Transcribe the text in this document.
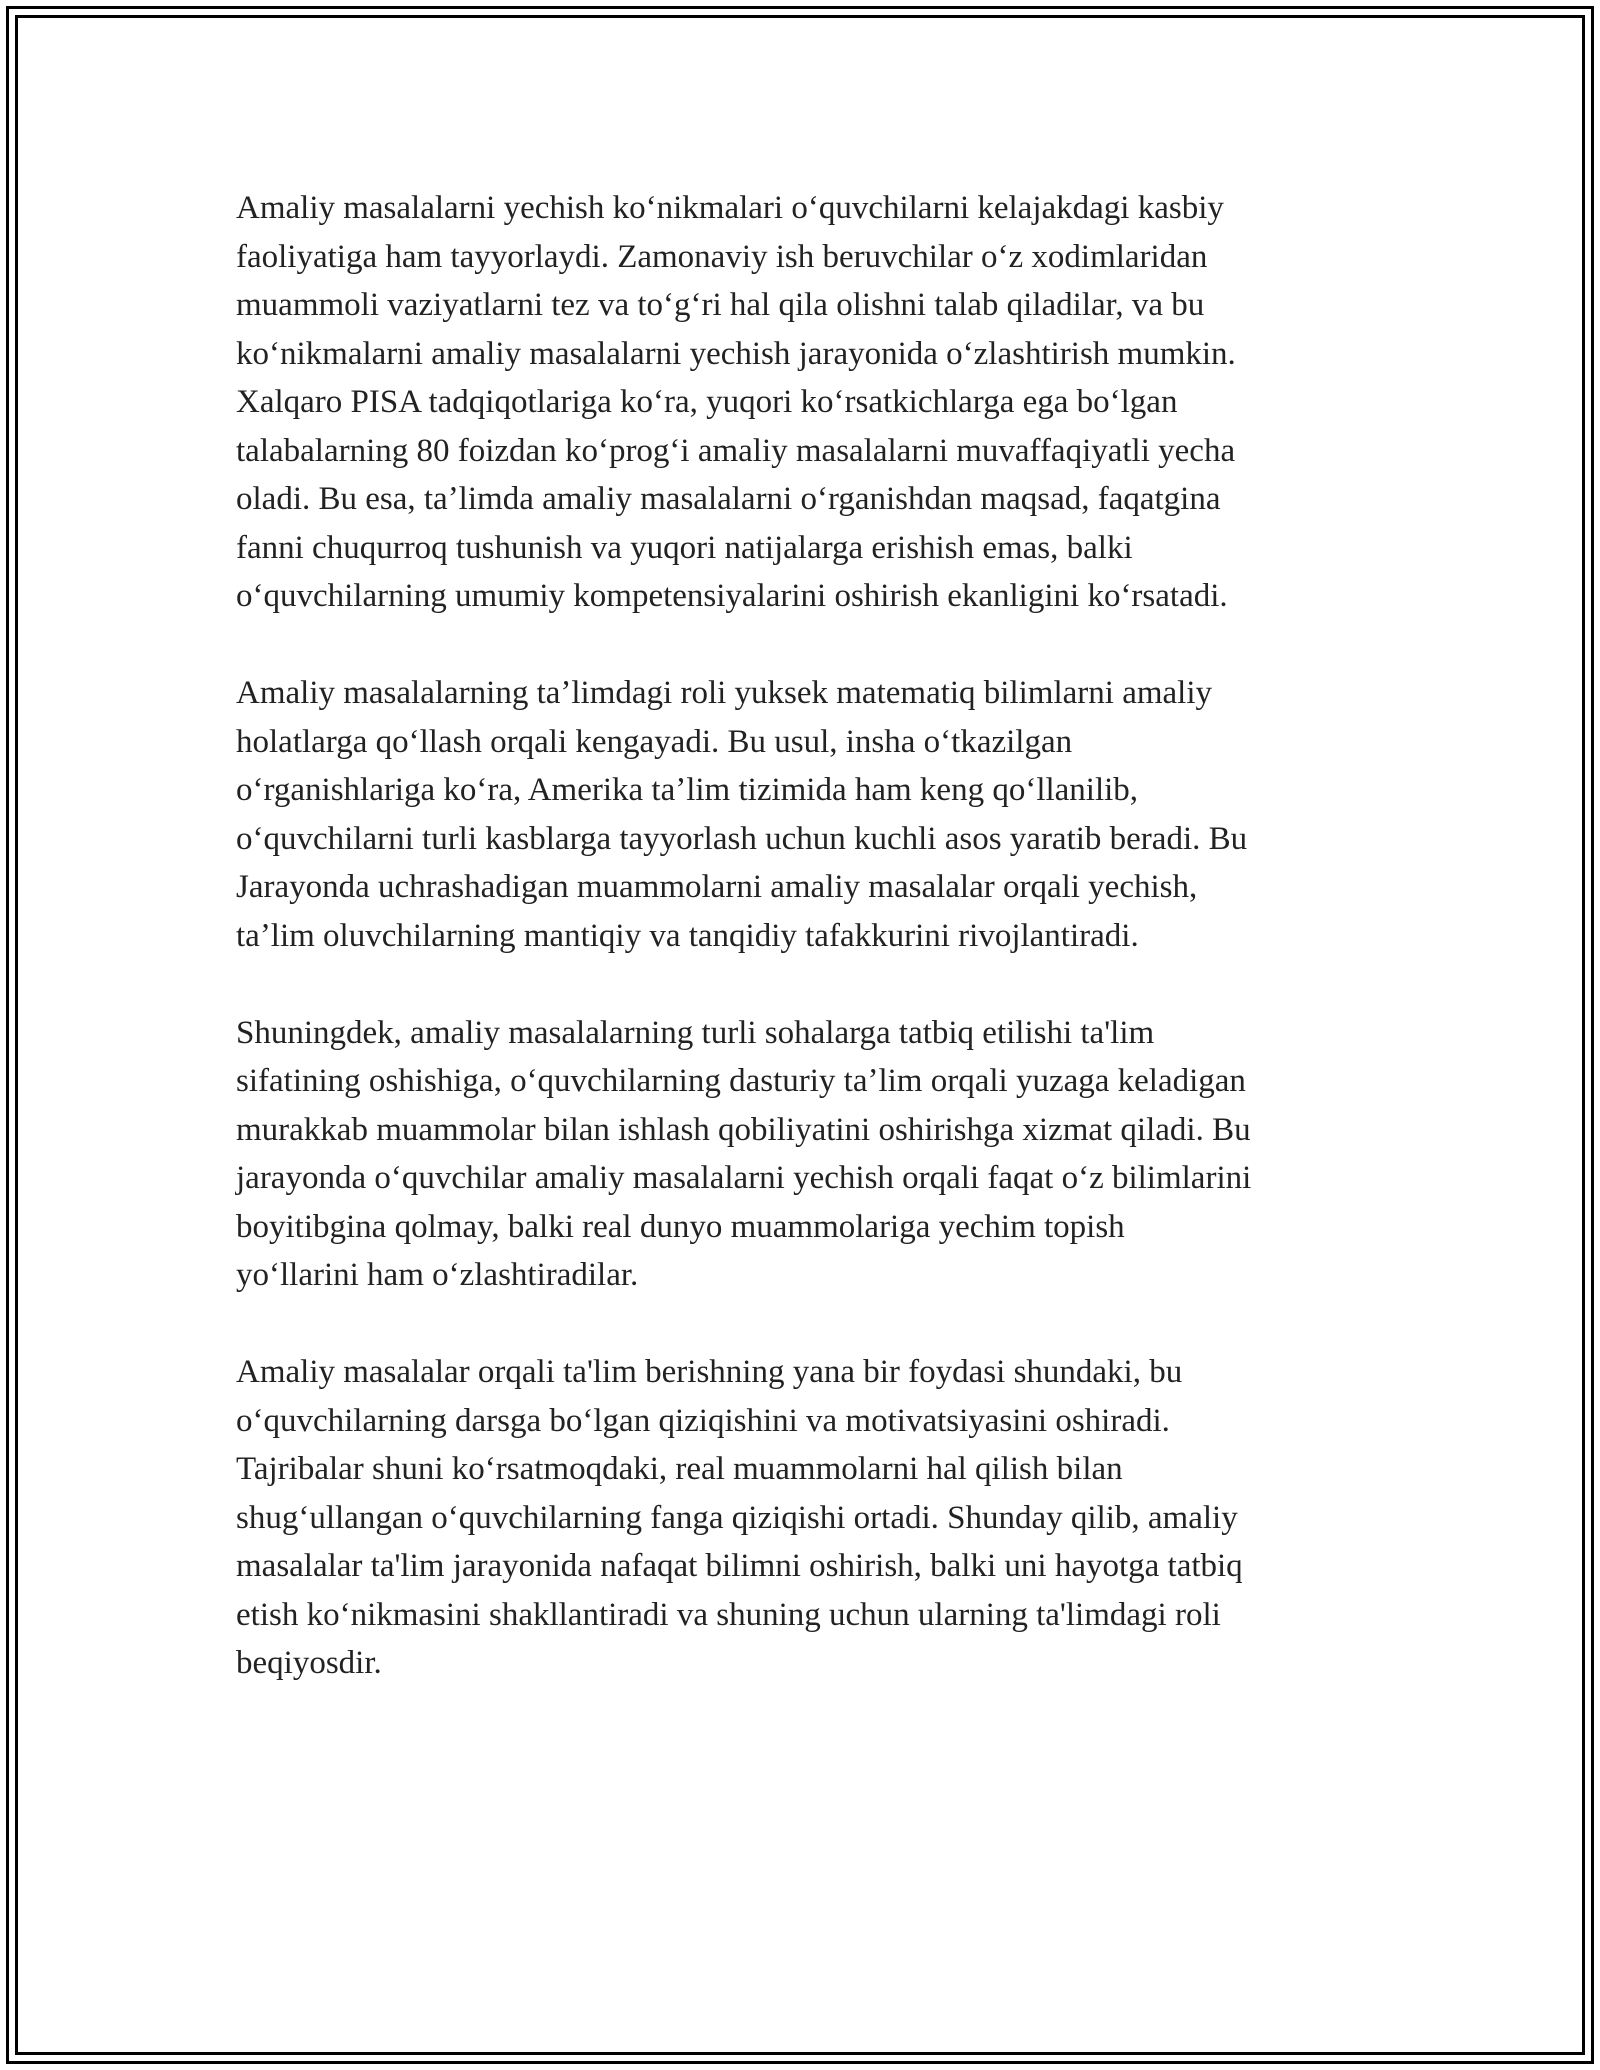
Amaliy masalalarni yechish koʻnikmalari oʻquvchilarni kelajakdagi kasbiy
faoliyatiga ham tayyorlaydi. Zamonaviy ish beruvchilar oʻz xodimlaridan
muammoli vaziyatlarni tez va toʻgʻri hal qila olishni talab qiladilar, va bu
koʻnikmalarni amaliy masalalarni yechish jarayonida oʻzlashtirish mumkin.
Xalqaro PISA tadqiqotlariga koʻra, yuqori koʻrsatkichlarga ega boʻlgan
talabalarning 80 foizdan koʻprogʻi amaliy masalalarni muvaffaqiyatli yecha
oladi. Bu esa, taʼlimda amaliy masalalarni oʻrganishdan maqsad, faqatgina
fanni chuqurroq tushunish va yuqori natijalarga erishish emas, balki
oʻquvchilarning umumiy kompetensiyalarini oshirish ekanligini koʻrsatadi.

Amaliy masalalarning taʼlimdagi roli yuksek matematiq bilimlarni amaliy
holatlarga qoʻllash orqali kengayadi. Bu usul, insha oʻtkazilgan
oʻrganishlariga koʻra, Amerika taʼlim tizimida ham keng qoʻllanilib,
oʻquvchilarni turli kasblarga tayyorlash uchun kuchli asos yaratib beradi. Bu
Jarayonda uchrashadigan muammolarni amaliy masalalar orqali yechish,
taʼlim oluvchilarning mantiqiy va tanqidiy tafakkurini rivojlantiradi.

Shuningdek, amaliy masalalarning turli sohalarga tatbiq etilishi ta'lim
sifatining oshishiga, oʻquvchilarning dasturiy taʼlim orqali yuzaga keladigan
murakkab muammolar bilan ishlash qobiliyatini oshirishga xizmat qiladi. Bu
jarayonda oʻquvchilar amaliy masalalarni yechish orqali faqat oʻz bilimlarini
boyitibgina qolmay, balki real dunyo muammolariga yechim topish
yoʻllarini ham oʻzlashtiradilar.

Amaliy masalalar orqali ta'lim berishning yana bir foydasi shundaki, bu
oʻquvchilarning darsga boʻlgan qiziqishini va motivatsiyasini oshiradi.
Tajribalar shuni koʻrsatmoqdaki, real muammolarni hal qilish bilan
shugʻullangan oʻquvchilarning fanga qiziqishi ortadi. Shunday qilib, amaliy
masalalar ta'lim jarayonida nafaqat bilimni oshirish, balki uni hayotga tatbiq
etish koʻnikmasini shakllantiradi va shuning uchun ularning ta'limdagi roli
beqiyosdir.
